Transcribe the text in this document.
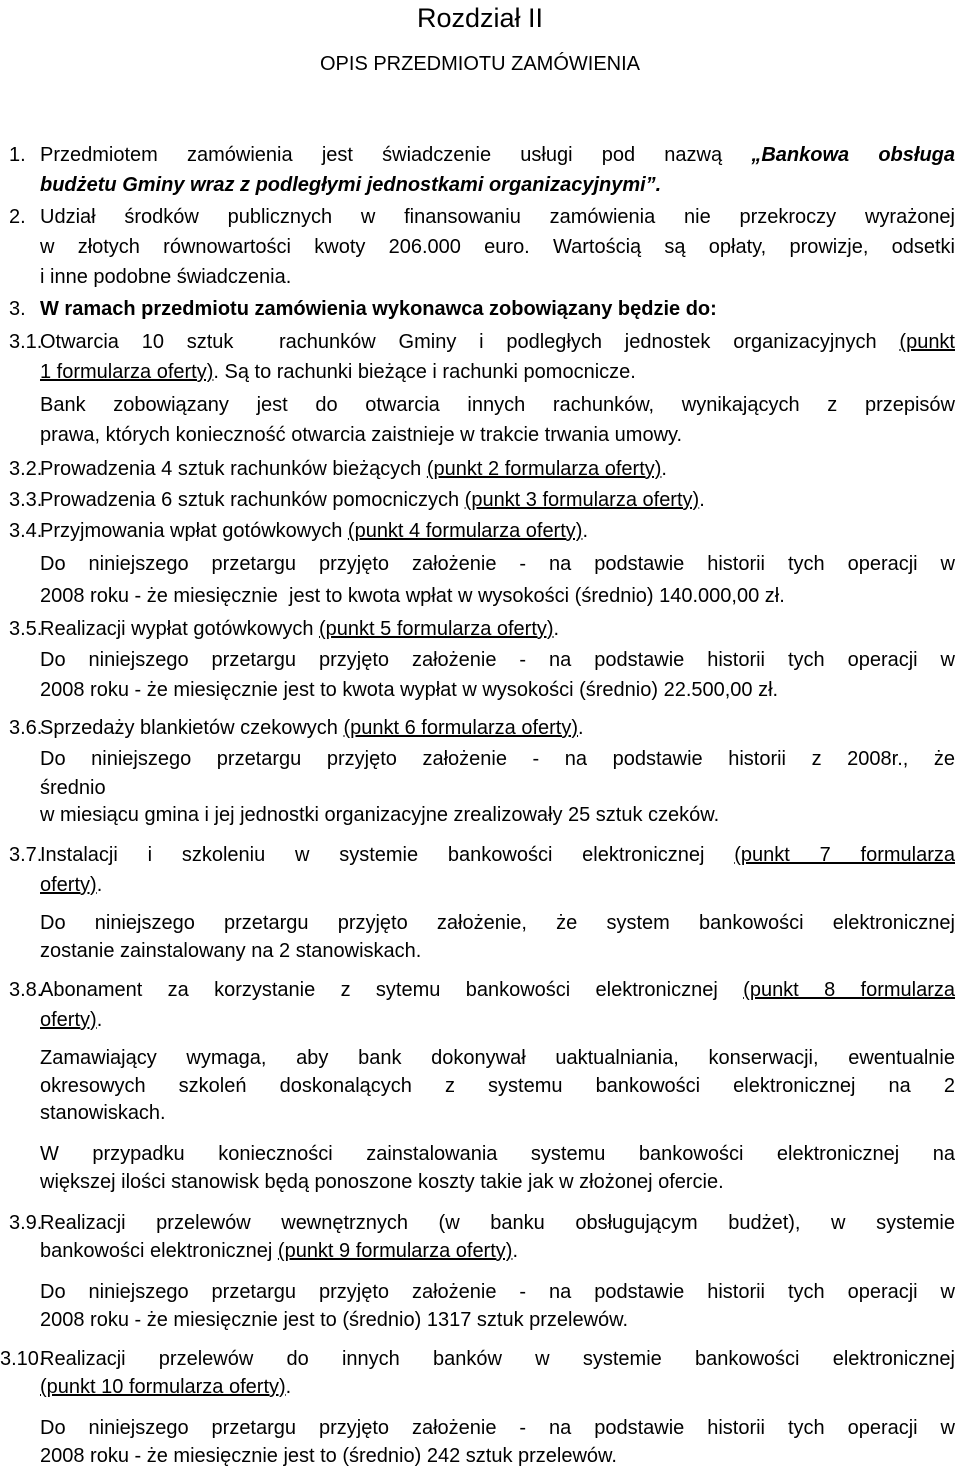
Rozdział II
OPIS PRZEDMIOTU ZAMÓWIENIA
1. Przedmiotem zamówienia jest świadczenie usługi pod nazwą „Bankowa obsługa
budżetu Gminy wraz z podległymi jednostkami organizacyjnymi”.
2. Udział środków publicznych w finansowaniu zamówienia nie przekroczy wyrażonej
w złotych równowartości kwoty 206.000 euro. Wartością są opłaty, prowizje, odsetki
i inne podobne świadczenia.
3. W ramach przedmiotu zamówienia wykonawca zobowiązany będzie do:
3.1.
Otwarcia 10 sztuk  rachunków Gminy i podległych jednostek organizacyjnych (punkt
1 formularza oferty). Są to rachunki bieżące i rachunki pomocnicze.
Bank zobowiązany jest do otwarcia innych rachunków, wynikających z przepisów
prawa, których konieczność otwarcia zaistnieje w trakcie trwania umowy.
3.2.
Prowadzenia 4 sztuk rachunków bieżących (punkt 2 formularza oferty).
3.3.
Prowadzenia 6 sztuk rachunków pomocniczych (punkt 3 formularza oferty).
3.4.
Przyjmowania wpłat gotówkowych (punkt 4 formularza oferty).
Do niniejszego przetargu przyjęto założenie - na podstawie historii tych operacji w
2008 roku - że miesięcznie  jest to kwota wpłat w wysokości (średnio) 140.000,00 zł.
3.5.
Realizacji wypłat gotówkowych (punkt 5 formularza oferty).
Do niniejszego przetargu przyjęto założenie - na podstawie historii tych operacji w
2008 roku - że miesięcznie jest to kwota wypłat w wysokości (średnio) 22.500,00 zł.
3.6.
Sprzedaży blankietów czekowych (punkt 6 formularza oferty).
Do niniejszego przetargu przyjęto założenie - na podstawie historii z 2008r., że
średnio
w miesiącu gmina i jej jednostki organizacyjne zrealizowały 25 sztuk czeków.
3.7.
Instalacji i szkoleniu w systemie bankowości elektronicznej (punkt 7 formularza
oferty).
Do niniejszego przetargu przyjęto założenie, że system bankowości elektronicznej
zostanie zainstalowany na 2 stanowiskach.
3.8.
Abonament za korzystanie z sytemu bankowości elektronicznej (punkt 8 formularza
oferty).
Zamawiający wymaga, aby bank dokonywał uaktualniania, konserwacji, ewentualnie
okresowych szkoleń doskonalących z systemu bankowości elektronicznej na 2
stanowiskach.
W przypadku konieczności zainstalowania systemu bankowości elektronicznej na
większej ilości stanowisk będą ponoszone koszty takie jak w złożonej ofercie.
3.9.
Realizacji przelewów wewnętrznych (w banku obsługującym budżet), w systemie
bankowości elektronicznej (punkt 9 formularza oferty).
Do niniejszego przetargu przyjęto założenie - na podstawie historii tych operacji w
2008 roku - że miesięcznie jest to (średnio) 1317 sztuk przelewów.
3.10.
Realizacji przelewów do innych banków w systemie bankowości elektronicznej
(punkt 10 formularza oferty).
Do niniejszego przetargu przyjęto założenie - na podstawie historii tych operacji w
2008 roku - że miesięcznie jest to (średnio) 242 sztuk przelewów.
